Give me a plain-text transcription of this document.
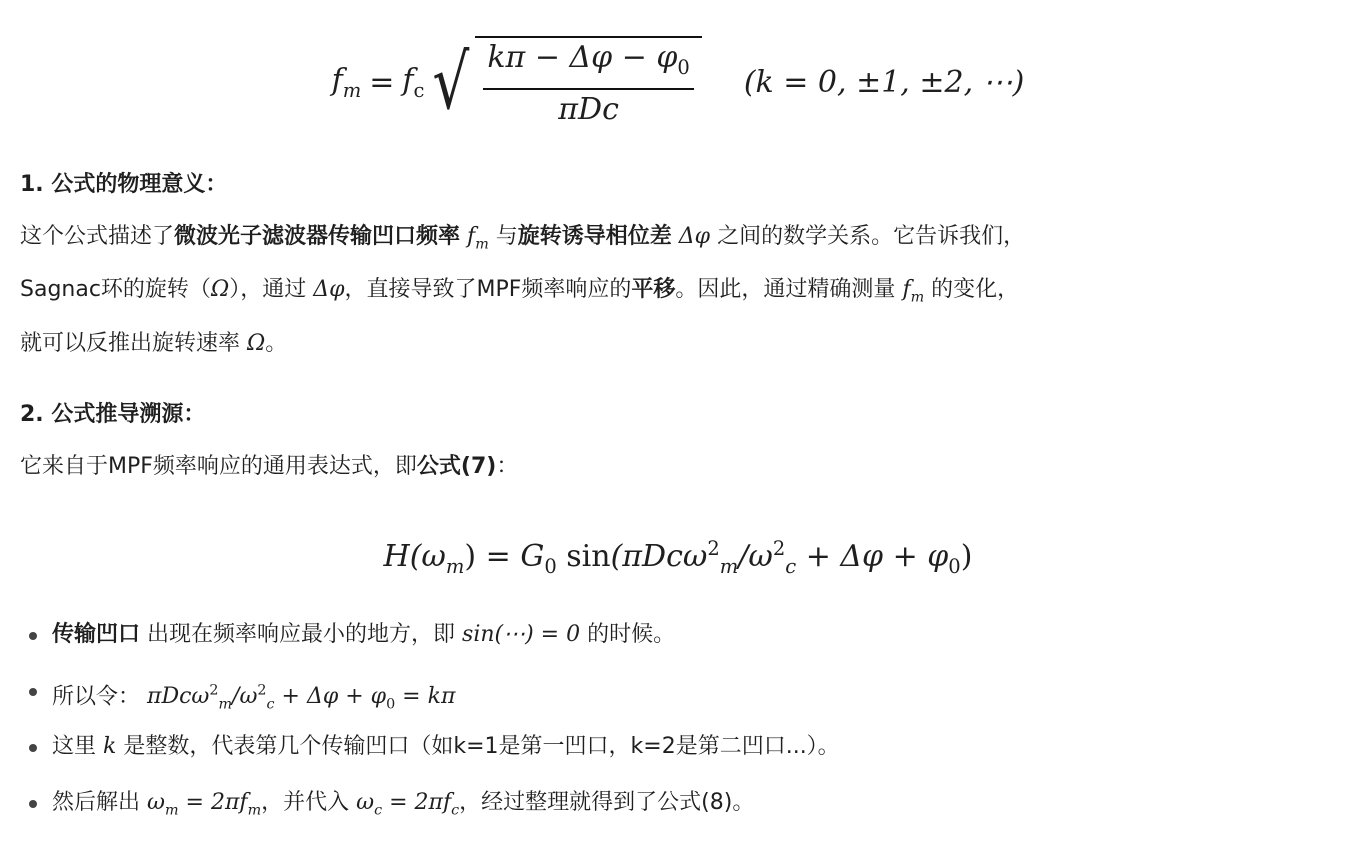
$f_m = f_c$ √ $\frac{k\pi - \Delta\varphi - \varphi_0}{\text{πDc}} (k = 0$, ±1, ±2, ⋯)
1. 公式的物理意义：
这个公式描述了微波光子滤波器传输凹口频率 $f_m$ 与旋转诱导相位差 Δφ 之间的数学关系。它告诉我们，
Sagnac环的旋转（Ω），通过 Δφ，直接导致了MPF频率响应的平移。因此，通过精确测量 $f_m$ 的变化，
就可以反推出旋转速率 Ω。
2. 公式推导溯源：
它来自于MPF频率响应的通用表达式，即公式(7)：
$H(\omega_m) = G_0$ $\sin(\pi Dc\omega^2_m/\omega^2_c + \Delta\varphi + \varphi_0)$
传输凹口 出现在频率响应最小的地方，即 sin(⋯) = 0 的时候。
所以令： $\pi Dc\omega^2_m/\omega^2_c + \Delta\varphi + \varphi_0 = k\pi$
这里 k 是整数，代表第几个传输凹口（如k=1是第一凹口，k=2是第二凹口...）。
然后解出 $\omega_m = 2\pi f_m$，并代入 $\omega_c = 2\pi f_c$，经过整理就得到了公式(8)。
